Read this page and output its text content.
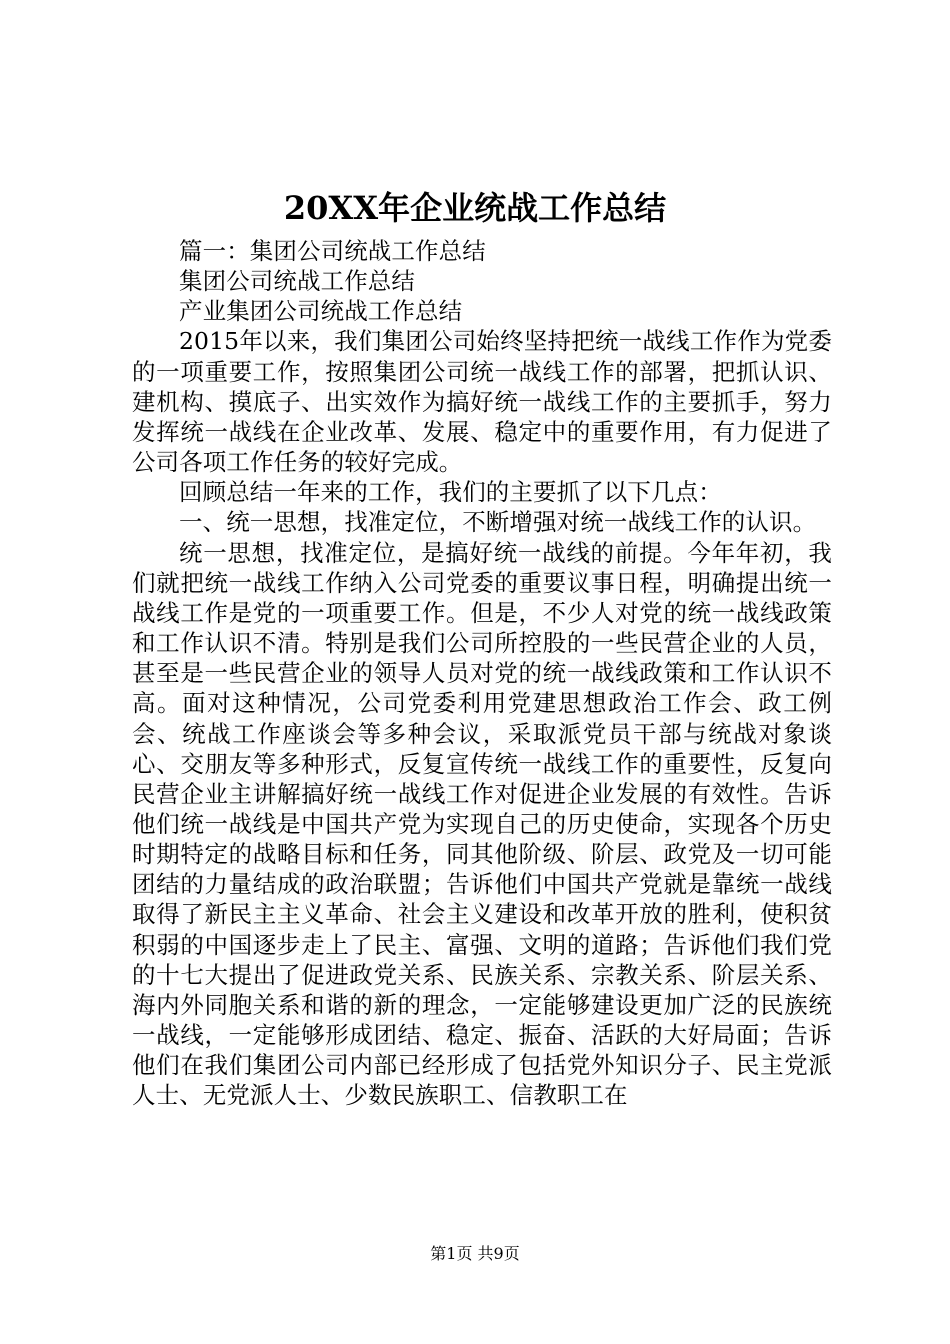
20XX年企业统战工作总结

篇一：集团公司统战工作总结

集团公司统战工作总结

产业集团公司统战工作总结

2015年以来，我们集团公司始终坚持把统一战线工作作为党委的一项重要工作，按照集团公司统一战线工作的部署，把抓认识、建机构、摸底子、出实效作为搞好统一战线工作的主要抓手，努力发挥统一战线在企业改革、发展、稳定中的重要作用，有力促进了公司各项工作任务的较好完成。

回顾总结一年来的工作，我们的主要抓了以下几点：

一、统一思想，找准定位，不断增强对统一战线工作的认识。

统一思想，找准定位，是搞好统一战线的前提。今年年初，我们就把统一战线工作纳入公司党委的重要议事日程，明确提出统一战线工作是党的一项重要工作。但是，不少人对党的统一战线政策和工作认识不清。特别是我们公司所控股的一些民营企业的人员，甚至是一些民营企业的领导人员对党的统一战线政策和工作认识不高。面对这种情况，公司党委利用党建思想政治工作会、政工例会、统战工作座谈会等多种会议，采取派党员干部与统战对象谈心、交朋友等多种形式，反复宣传统一战线工作的重要性，反复向民营企业主讲解搞好统一战线工作对促进企业发展的有效性。告诉他们统一战线是中国共产党为实现自己的历史使命，实现各个历史时期特定的战略目标和任务，同其他阶级、阶层、政党及一切可能团结的力量结成的政治联盟；告诉他们中国共产党就是靠统一战线取得了新民主主义革命、社会主义建设和改革开放的胜利，使积贫积弱的中国逐步走上了民主、富强、文明的道路；告诉他们我们党的十七大提出了促进政党关系、民族关系、宗教关系、阶层关系、海内外同胞关系和谐的新的理念，一定能够建设更加广泛的民族统一战线，一定能够形成团结、稳定、振奋、活跃的大好局面；告诉他们在我们集团公司内部已经形成了包括党外知识分子、民主党派人士、无党派人士、少数民族职工、信教职工在

第1页 共9页
